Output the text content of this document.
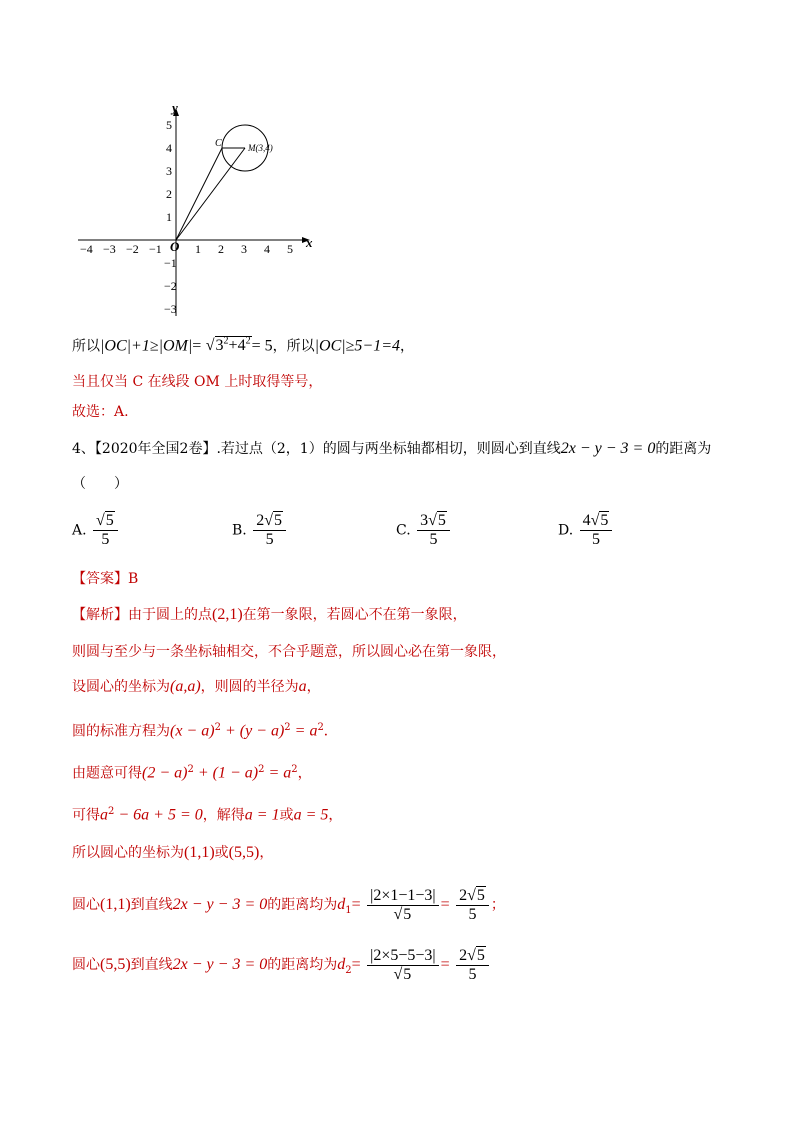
x
y
O
−4 −3 −2 −1	1 2 3 4 5
1
2
3
4
5
−1
−2
−3
C	M(3,4)
所以$|OC|+1\ge|OM|= √3^2+4^2= 5$，所以|OC|≥5−1=4，
当且仅当 C 在线段 OM 上时取得等号，
故选：A.
4、【2020年全国2卷】.若过点（2，1）的圆与两坐标轴都相切，则圆心到直线2x − y − 3 = 0的距离为
（　　）
A. $\frac{√5}{5}$	B. $\frac{2√5}{5}$	C. $\frac{3√5}{5}$	D. $\frac{4√5}{5}$
【答案】B
【解析】由于圆上的点(2,1)在第一象限，若圆心不在第一象限，
则圆与至少与一条坐标轴相交，不合乎题意，所以圆心必在第一象限，
设圆心的坐标为(a,a)，则圆的半径为a，
圆的标准方程为$(x - a)^2 + (y - a)^2 = a^2$.
由题意可得$(2 - a)^2 + (1 - a)^2 = a^2$，
可得$a^2 - 6a + 5 = 0$，解得a = 1或a = 5，
所以圆心的坐标为(1,1)或(5,5)，
圆心(1,1)到直线2x − y − 3 = 0的距离均为$d_1= \frac{|2\times 1-1-3|}{√5} = \frac{2√5}{5}$ ；
圆心(5,5)到直线2x − y − 3 = 0的距离均为$d_2= \frac{|2\times 5-5-3|}{√5} = \frac{2√5}{5}$
